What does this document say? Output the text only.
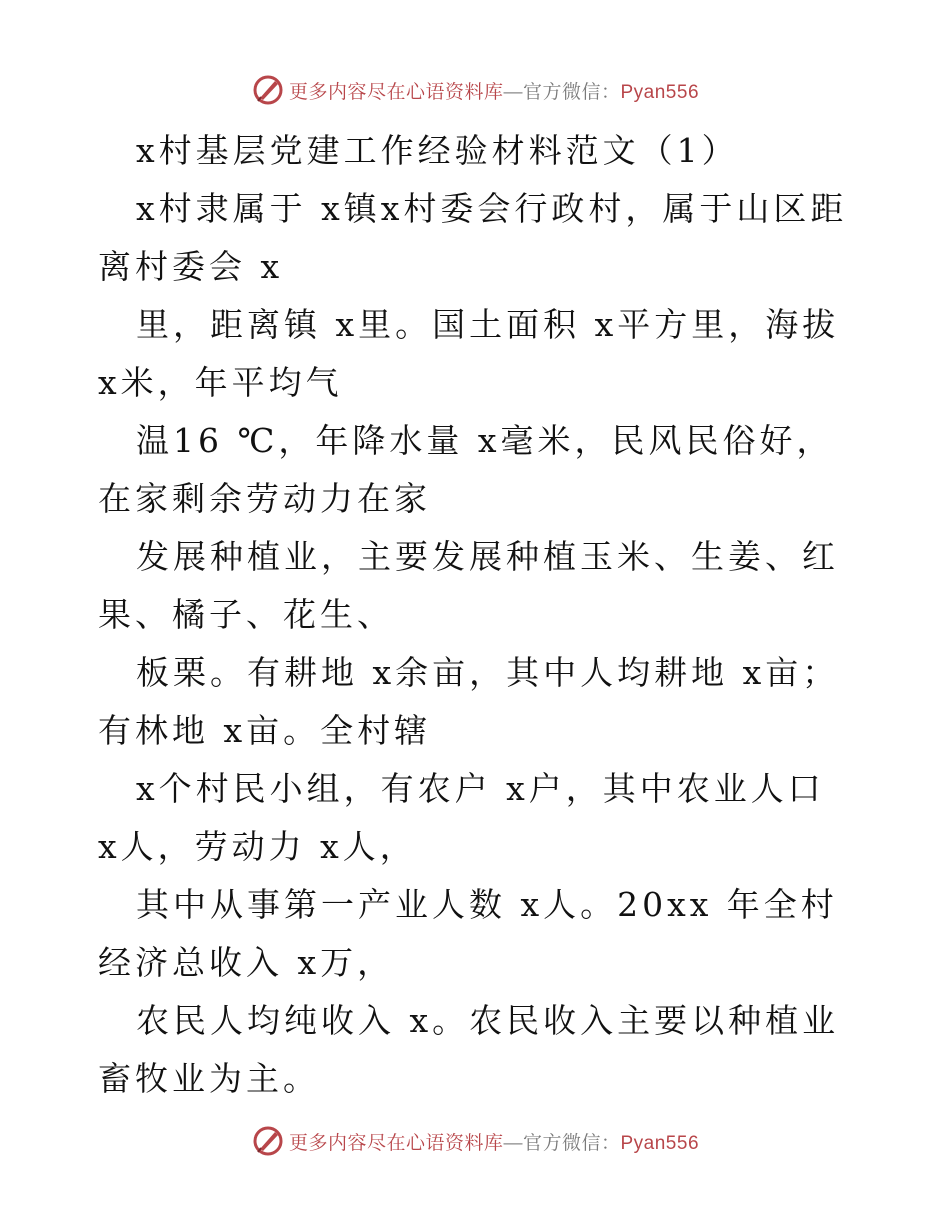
更多内容尽在心语资料库—官方微信：Pyan556

x村基层党建工作经验材料范文（1）

x村隶属于 x镇x村委会行政村，属于山区距离村委会 x

里，距离镇 x里。国土面积 x平方里，海拔 x米，年平均气

温16 ℃，年降水量 x毫米，民风民俗好，在家剩余劳动力在家

发展种植业，主要发展种植玉米、生姜、红果、橘子、花生、

板栗。有耕地 x余亩，其中人均耕地 x亩；有林地 x亩。全村辖

x个村民小组，有农户 x户，其中农业人口 x人，劳动力 x人，

其中从事第一产业人数 x人。20xx 年全村经济总收入 x万，

农民人均纯收入 x。农民收入主要以种植业畜牧业为主。

更多内容尽在心语资料库—官方微信：Pyan556
